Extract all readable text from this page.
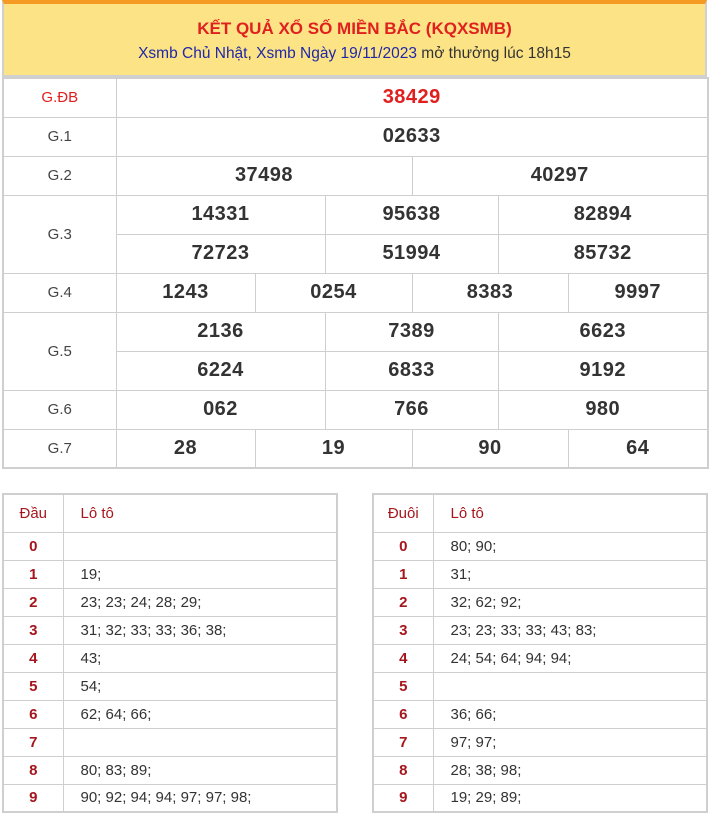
KẾT QUẢ XỔ SỐ MIỀN BẮC (KQXSMB)
Xsmb Chủ Nhật, Xsmb Ngày 19/11/2023 mở thưởng lúc 18h15
G.ĐB	38429					
G.1	02633					
G.2	37498			40297		
G.3	14331		95638		82894	
	72723		51994		85732	
G.4	1243	0254		8383		9997
G.5	2136		7389		6623	
	6224		6833		9192	
G.6	062		766		980	
G.7	28	19		90		64
Đầu	Lô tô
0	
1	19;
2	23; 23; 24; 28; 29;
3	31; 32; 33; 33; 36; 38;
4	43;
5	54;
6	62; 64; 66;
7	
8	80; 83; 89;
9	90; 92; 94; 94; 97; 97; 98;
Đuôi	Lô tô
0	80; 90;
1	31;
2	32; 62; 92;
3	23; 23; 33; 33; 43; 83;
4	24; 54; 64; 94; 94;
5	
6	36; 66;
7	97; 97;
8	28; 38; 98;
9	19; 29; 89;
